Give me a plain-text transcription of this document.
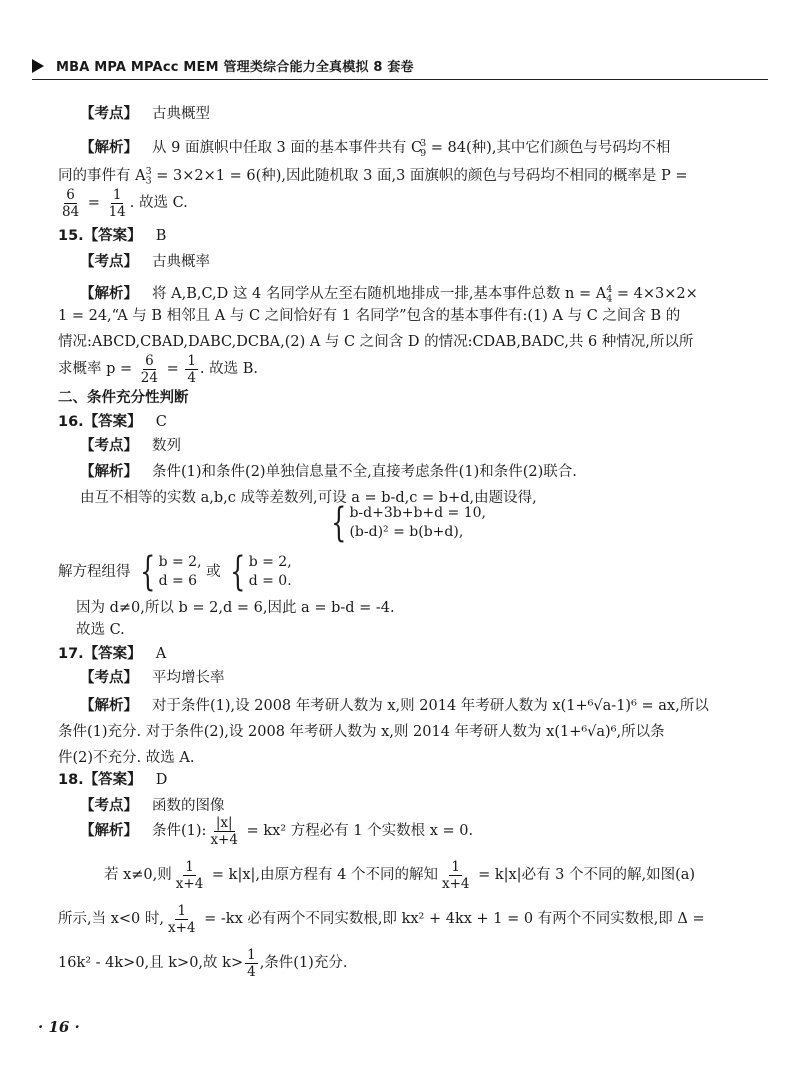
MBA MPA MPAcc MEM 管理类综合能力全真模拟 8 套卷
【考点】 古典概型
【解析】 从 9 面旗帜中任取 3 面的基本事件共有 $C_9^3 = 84$(种),其中它们颜色与号码均不相
同的事件有 $A_3^3 = 3\times 2\times 1 = 6$(种),因此随机取 3 面,3 面旗帜的颜色与号码均不相同的概率是 P =
$\frac{6}{84} = \frac{1}{14}$ . 故选 C.
15.【答案】 B
【考点】 古典概率
【解析】 将 A,B,C,D 这 4 名同学从左至右随机地排成一排,基本事件总数 $n = A_4^4 = 4\times 3\times 2\times$
1 = 24,“A 与 B 相邻且 A 与 C 之间恰好有 1 名同学”包含的基本事件有:(1) A 与 C 之间含 B 的
情况:ABCD,CBAD,DABC,DCBA,(2) A 与 C 之间含 D 的情况:CDAB,BADC,共 6 种情况,所以所
求概率 $p = \frac{6}{24} = \frac{1}{4}$ . 故选 B.
二、条件充分性判断
16.【答案】 C
【考点】 数列
【解析】 条件(1)和条件(2)单独信息量不全,直接考虑条件(1)和条件(2)联合.
由互不相等的实数 a,b,c 成等差数列,可设 a = b-d,c = b+d,由题设得,
{ b-d+3b+b+d = 10,
(b-d)² = b(b+d),
解方程组得 { b = 2,
d = 6
或 { b = 2,
d = 0.
因为 d≠0,所以 b = 2,d = 6,因此 a = b-d = -4.
故选 C.
17.【答案】 A
【考点】 平均增长率
【解析】 对于条件(1),设 2008 年考研人数为 x,则 2014 年考研人数为 x(1+⁶√a-1)⁶ = ax,所以
条件(1)充分. 对于条件(2),设 2008 年考研人数为 x,则 2014 年考研人数为 x(1+⁶√a)⁶,所以条
件(2)不充分. 故选 A.
18.【答案】 D
【考点】 函数的图像
【解析】 条件(1): $\frac{|x|}{x+4} = kx^2$ 方程必有 1 个实数根 x = 0.
若 x≠0,则 $\frac{1}{x+4} = k|x|$,由原方程有 4 个不同的解知 $\frac{1}{x+4} = k|x|$必有 3 个不同的解,如图(a)
所示,当 x<0 时, $\frac{1}{x+4} = -kx$ 必有两个不同实数根,即 kx² + 4kx + 1 = 0 有两个不同实数根,即 Δ =
16k² - 4k>0,且 k>0,故 $k> \frac{1}{4}$ ,条件(1)充分.
· 16 ·
